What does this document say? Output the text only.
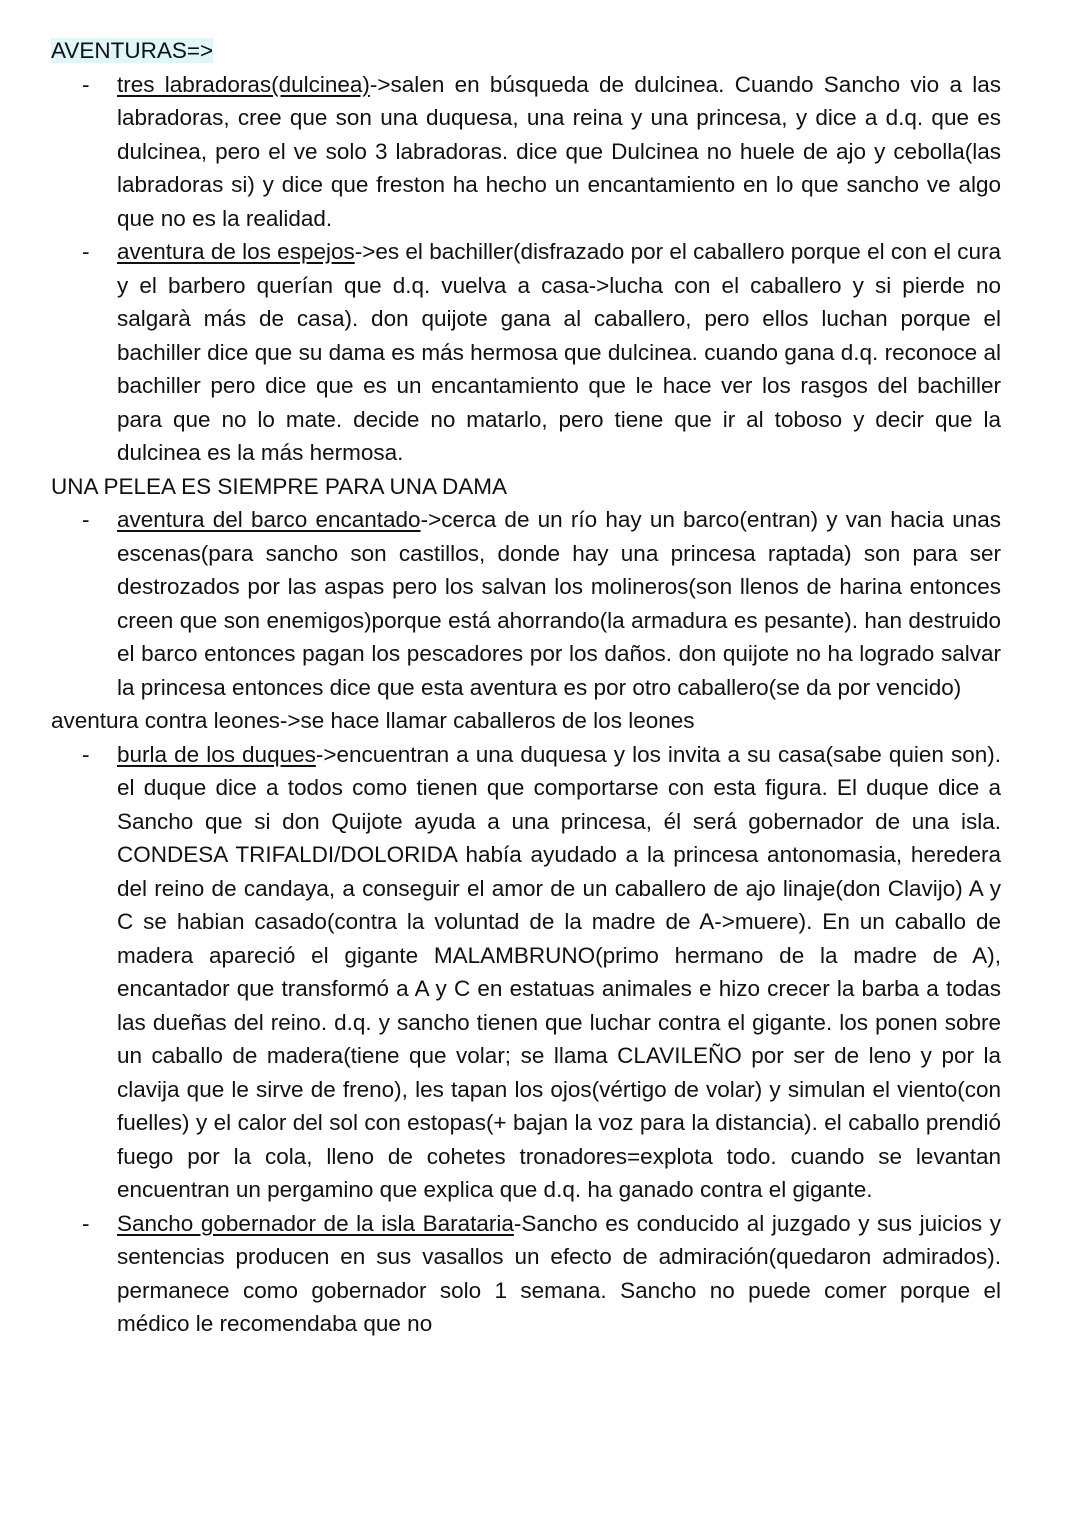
AVENTURAS=>

- tres labradoras(dulcinea)->salen en búsqueda de dulcinea. Cuando Sancho vio a las labradoras, cree que son una duquesa, una reina y una princesa, y dice a d.q. que es dulcinea, pero el ve solo 3 labradoras. dice que Dulcinea no huele de ajo y cebolla(las labradoras si) y dice que freston ha hecho un encantamiento en lo que sancho ve algo que no es la realidad.
- aventura de los espejos->es el bachiller(disfrazado por el caballero porque el con el cura y el barbero querían que d.q. vuelva a casa->lucha con el caballero y si pierde no salgarà más de casa). don quijote gana al caballero, pero ellos luchan porque el bachiller dice que su dama es más hermosa que dulcinea. cuando gana d.q. reconoce al bachiller pero dice que es un encantamiento que le hace ver los rasgos del bachiller para que no lo mate. decide no matarlo, pero tiene que ir al toboso y decir que la dulcinea es la más hermosa.

UNA PELEA ES SIEMPRE PARA UNA DAMA

- aventura del barco encantado->cerca de un río hay un barco(entran) y van hacia unas escenas(para sancho son castillos, donde hay una princesa raptada) son para ser destrozados por las aspas pero los salvan los molineros(son llenos de harina entonces creen que son enemigos)porque está ahorrando(la armadura es pesante). han destruido el barco entonces pagan los pescadores por los daños. don quijote no ha logrado salvar la princesa entonces dice que esta aventura es por otro caballero(se da por vencido)

aventura contra leones->se hace llamar caballeros de los leones

- burla de los duques->encuentran a una duquesa y los invita a su casa(sabe quien son). el duque dice a todos como tienen que comportarse con esta figura. El duque dice a Sancho que si don Quijote ayuda a una princesa, él será gobernador de una isla. CONDESA TRIFALDI/DOLORIDA había ayudado a la princesa antonomasia, heredera del reino de candaya, a conseguir el amor de un caballero de ajo linaje(don Clavijo) A y C se habian casado(contra la voluntad de la madre de A->muere). En un caballo de madera apareció el gigante MALAMBRUNO(primo hermano de la madre de A), encantador que transformó a A y C en estatuas animales e hizo crecer la barba a todas las dueñas del reino. d.q. y sancho tienen que luchar contra el gigante. los ponen sobre un caballo de madera(tiene que volar; se llama CLAVILEÑO por ser de leno y por la clavija que le sirve de freno), les tapan los ojos(vértigo de volar) y simulan el viento(con fuelles) y el calor del sol con estopas(+ bajan la voz para la distancia). el caballo prendió fuego por la cola, lleno de cohetes tronadores=explota todo. cuando se levantan encuentran un pergamino que explica que d.q. ha ganado contra el gigante.
- Sancho gobernador de la isla Barataria-Sancho es conducido al juzgado y sus juicios y sentencias producen en sus vasallos un efecto de admiración(quedaron admirados). permanece como gobernador solo 1 semana. Sancho no puede comer porque el médico le recomendaba que no
